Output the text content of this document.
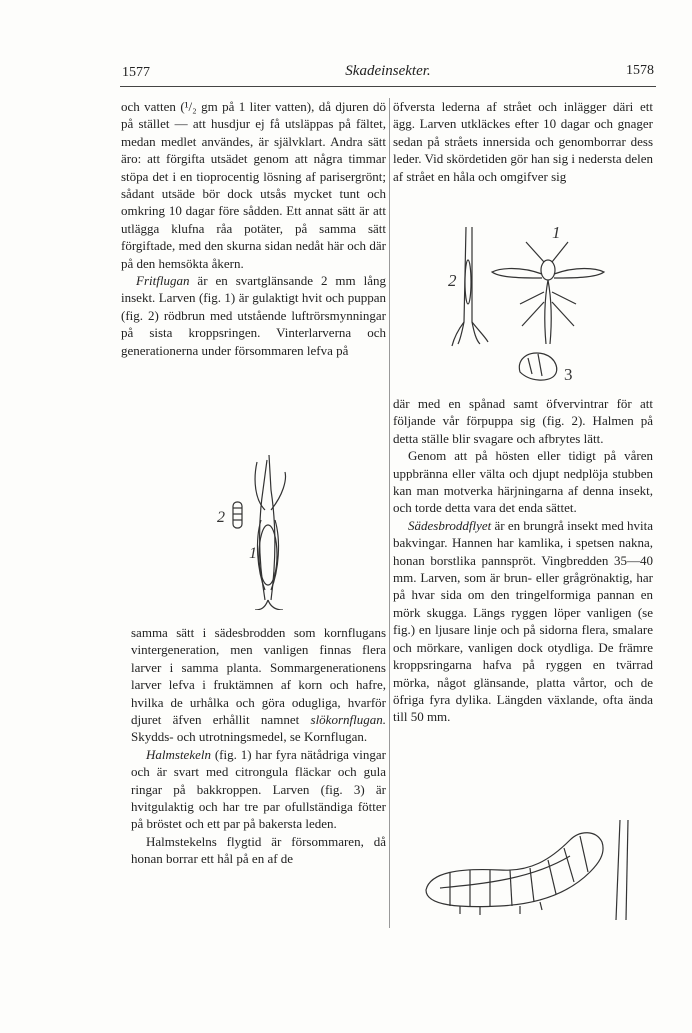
1577	Skadeinsekter.	1578

och vatten (¹/₂ gm på 1 liter vatten), då djuren dö på stället — att husdjur ej få utsläppas på fältet, medan medlet användes, är självklart. Andra sätt äro: att förgifta utsädet genom att några timmar stöpa det i en tioprocentig lösning af parisergrönt; sådant utsäde bör dock utsås mycket tunt och omkring 10 dagar före sådden. Ett annat sätt är att utlägga klufna råa potäter, på samma sätt förgiftade, med den skurna sidan nedåt här och där på den hemsökta åkern.

Fritflugan är en svartglänsande 2 mm lång insekt. Larven (fig. 1) är gulaktigt hvit och puppan (fig. 2) rödbrun med utstående luftrörsmynningar på sista kroppsringen. Vinterlarverna och generationerna under försommaren lefva på

2
1

samma sätt i sädesbrodden som kornflugans vintergeneration, men vanligen finnas flera larver i samma planta. Sommargenerationens larver lefva i fruktämnen af korn och hafre, hvilka de urhålka och göra odugliga, hvarför djuret äfven erhållit namnet slökornflugan. Skydds- och utrotningsmedel, se Kornflugan.

Halmstekeln (fig. 1) har fyra nätådriga vingar och är svart med citrongula fläckar och gula ringar på bakkroppen. Larven (fig. 3) är hvitgulaktig och har tre par ofullständiga fötter på bröstet och ett par på bakersta leden.

Halmstekelns flygtid är försommaren, då honan borrar ett hål på en af de

öfversta lederna af strået och inlägger däri ett ägg. Larven utkläckes efter 10 dagar och gnager sedan på stråets innersida och genomborrar dess leder. Vid skördetiden gör han sig i nedersta delen af strået en håla och omgifver sig

1
2
3

där med en spånad samt öfvervintrar för att följande vår förpuppa sig (fig. 2). Halmen på detta ställe blir svagare och afbrytes lätt.

Genom att på hösten eller tidigt på våren uppbränna eller välta och djupt nedplöja stubben kan man motverka härjningarna af denna insekt, och torde detta vara det enda sättet.

Sädesbroddflyet är en brungrå insekt med hvita bakvingar. Hannen har kamlika, i spetsen nakna, honan borstlika pannspröt. Vingbredden 35—40 mm. Larven, som är brun- eller grågrönaktig, har på hvar sida om den tringelformiga pannan en mörk skugga. Längs ryggen löper vanligen (se fig.) en ljusare linje och på sidorna flera, smalare och mörkare, vanligen dock otydliga. De främre kroppsringarna hafva på ryggen en tvärrad mörka, något glänsande, platta vårtor, och de öfriga fyra dylika. Längden växlande, ofta ända till 50 mm.
